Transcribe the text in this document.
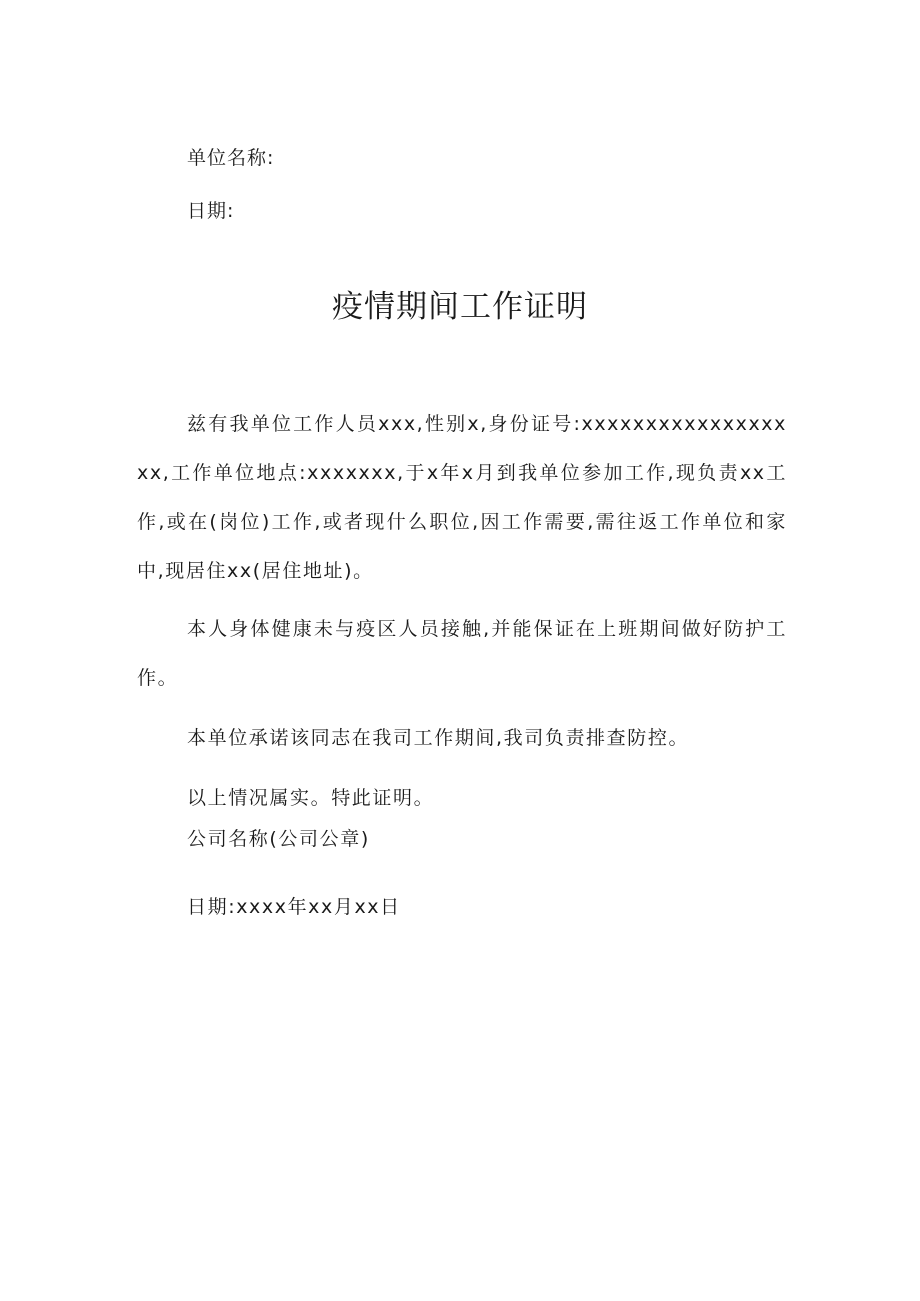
单位名称:
日期:
疫情期间工作证明

兹有我单位工作人员xxx,性别x,身份证号:xxxxxxxxxxxxxxxxxx,工作单位地点:xxxxxxx,于x年x月到我单位参加工作,现负责xx工作,或在(岗位)工作,或者现什么职位,因工作需要,需往返工作单位和家中,现居住xx(居住地址)。

本人身体健康未与疫区人员接触,并能保证在上班期间做好防护工作。

本单位承诺该同志在我司工作期间,我司负责排查防控。

以上情况属实。特此证明。

公司名称(公司公章)
日期:xxxx年xx月xx日
